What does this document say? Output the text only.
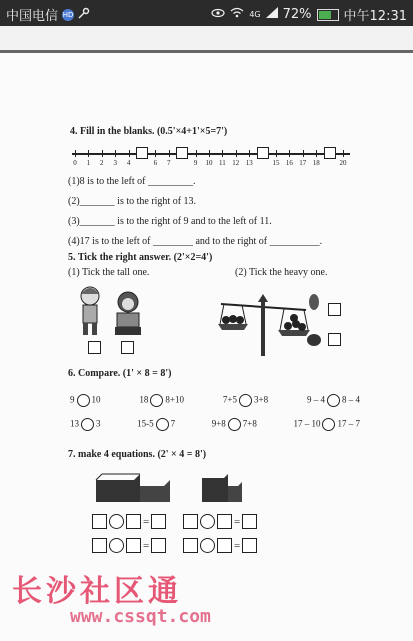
中国电信 HD	4G 72% 中午12:31
4. Fill in the blanks. (0.5'×4+1'×5=7')
0 1 2 3 4	6 7	9 10 11 12 13	15 16 17 18	20
(1)8 is to the left of _________.
(2)_______ is to the right of 13.
(3)_______ is to the right of 9 and to the left of 11.
(4)17 is to the left of ________ and to the right of __________.
5. Tick the right answer. (2'×2=4')
(1) Tick the tall one.	(2) Tick the heavy one.
6. Compare. (1' × 8 = 8')
9 10	18 8+10	7+5 3+8	9 – 4 8 – 4
13 3	15-5 7	9+8 7+8	17 – 10 17 – 7
7. make 4 equations. (2' × 4 = 8')
=	=
=	=
长沙社区通
www.cssqt.com
